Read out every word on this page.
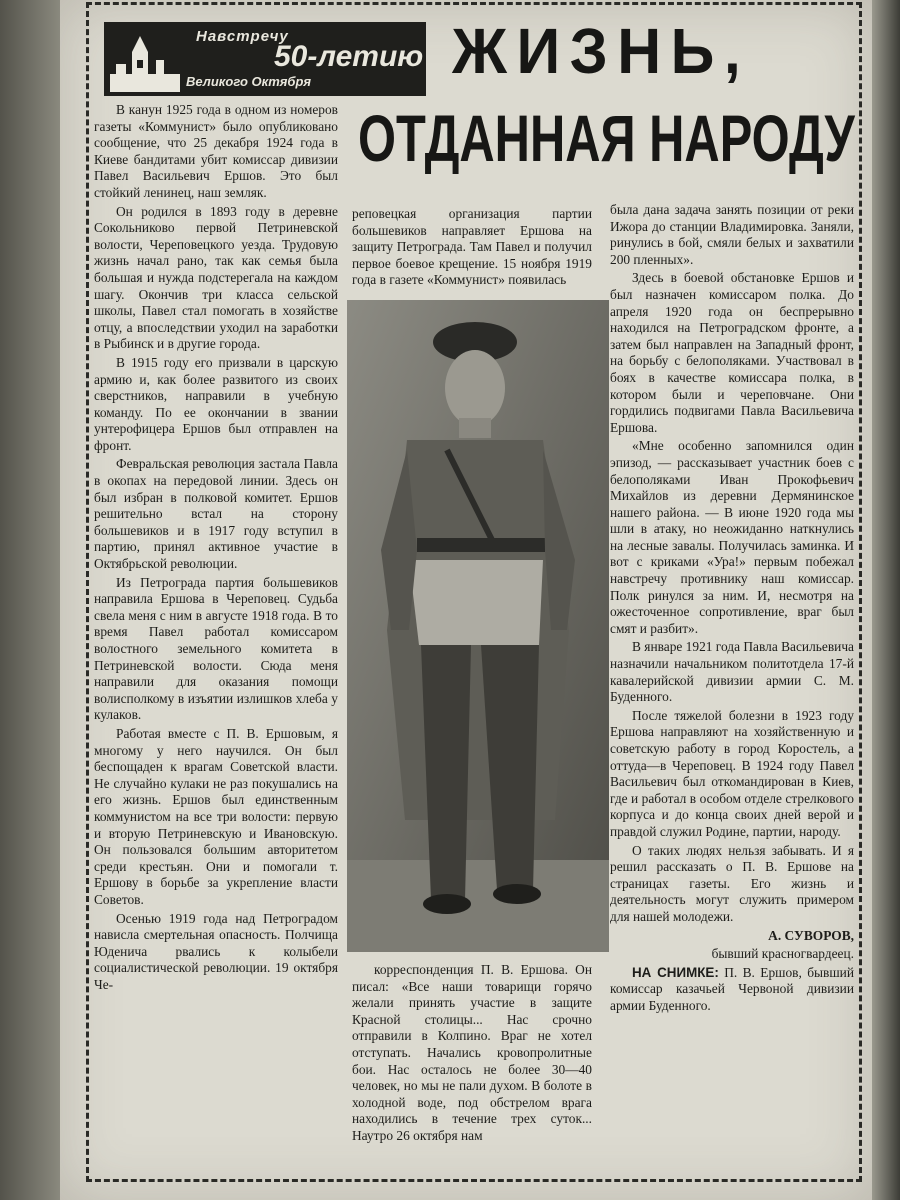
Навстречу
50-летию
Великого Октября ЖИЗНЬ,
ОТДАННАЯ НАРОДУ

В канун 1925 года в одном из номеров газеты «Коммунист» было опубликовано сообщение, что 25 декабря 1924 года в Киеве бандитами убит комиссар дивизии Павел Васильевич Ершов. Это был стойкий ленинец, наш земляк.

Он родился в 1893 году в деревне Сокольниково первой Петриневской волости, Череповецкого уезда. Трудовую жизнь начал рано, так как семья была большая и нужда подстерегала на каждом шагу. Окончив три класса сельской школы, Павел стал помогать в хозяйстве отцу, а впоследствии уходил на заработки в Рыбинск и в другие города.

В 1915 году его призвали в царскую армию и, как более развитого из своих сверстников, направили в учебную команду. По ее окончании в звании унтерофицера Ершов был отправлен на фронт.

Февральская революция застала Павла в окопах на передовой линии. Здесь он был избран в полковой комитет. Ершов решительно встал на сторону большевиков и в 1917 году вступил в партию, принял активное участие в Октябрьской революции.

Из Петрограда партия большевиков направила Ершова в Череповец. Судьба свела меня с ним в августе 1918 года. В то время Павел работал комиссаром волостного земельного комитета в Петриневской волости. Сюда меня направили для оказания помощи волисполкому в изъятии излишков хлеба у кулаков.

Работая вместе с П. В. Ершовым, я многому у него научился. Он был беспощаден к врагам Советской власти. Не случайно кулаки не раз покушались на его жизнь. Ершов был единственным коммунистом на все три волости: первую и вторую Петриневскую и Ивановскую. Он пользовался большим авторитетом среди крестьян. Они и помогали т. Ершову в борьбе за укрепление власти Советов.

Осенью 1919 года над Петроградом нависла смертельная опасность. Полчища Юденича рвались к колыбели социалистической революции. 19 октября Че-

реповецкая организация партии большевиков направляет Ершова на защиту Петрограда. Там Павел и получил первое боевое крещение. 15 ноября 1919 года в газете «Коммунист» появилась

корреспонденция П. В. Ершова. Он писал: «Все наши товарищи горячо желали принять участие в защите Красной столицы... Нас срочно отправили в Колпино. Враг не хотел отступать. Начались кровопролитные бои. Нас осталось не более 30—40 человек, но мы не пали духом. В болоте в холодной воде, под обстрелом врага находились в течение трех суток... Наутро 26 октября нам

была дана задача занять позиции от реки Ижора до станции Владимировка. Заняли, ринулись в бой, смяли белых и захватили 200 пленных».

Здесь в боевой обстановке Ершов и был назначен комиссаром полка. До апреля 1920 года он беспрерывно находился на Петроградском фронте, а затем был направлен на Западный фронт, на борьбу с белополяками. Участвовал в боях в качестве комиссара полка, в котором были и череповчане. Они гордились подвигами Павла Васильевича Ершова.

«Мне особенно запомнился один эпизод, — рассказывает участник боев с белополяками Иван Прокофьевич Михайлов из деревни Дермянинское нашего района. — В июне 1920 года мы шли в атаку, но неожиданно наткнулись на лесные завалы. Получилась заминка. И вот с криками «Ура!» первым побежал навстречу противнику наш комиссар. Полк ринулся за ним. И, несмотря на ожесточенное сопротивление, враг был смят и разбит».

В январе 1921 года Павла Васильевича назначили начальником политотдела 17-й кавалерийской дивизии армии С. М. Буденного.

После тяжелой болезни в 1923 году Ершова направляют на хозяйственную и советскую работу в город Коростель, а оттуда—в Череповец. В 1924 году Павел Васильевич был откомандирован в Киев, где и работал в особом отделе стрелкового корпуса и до конца своих дней верой и правдой служил Родине, партии, народу.

О таких людях нельзя забывать. И я решил рассказать о П. В. Ершове на страницах газеты. Его жизнь и деятельность могут служить примером для нашей молодежи.

А. СУВОРОВ,

бывший красногвардеец.

НА СНИМКЕ: П. В. Ершов, бывший комиссар казачьей Червоной дивизии армии Буденного.
